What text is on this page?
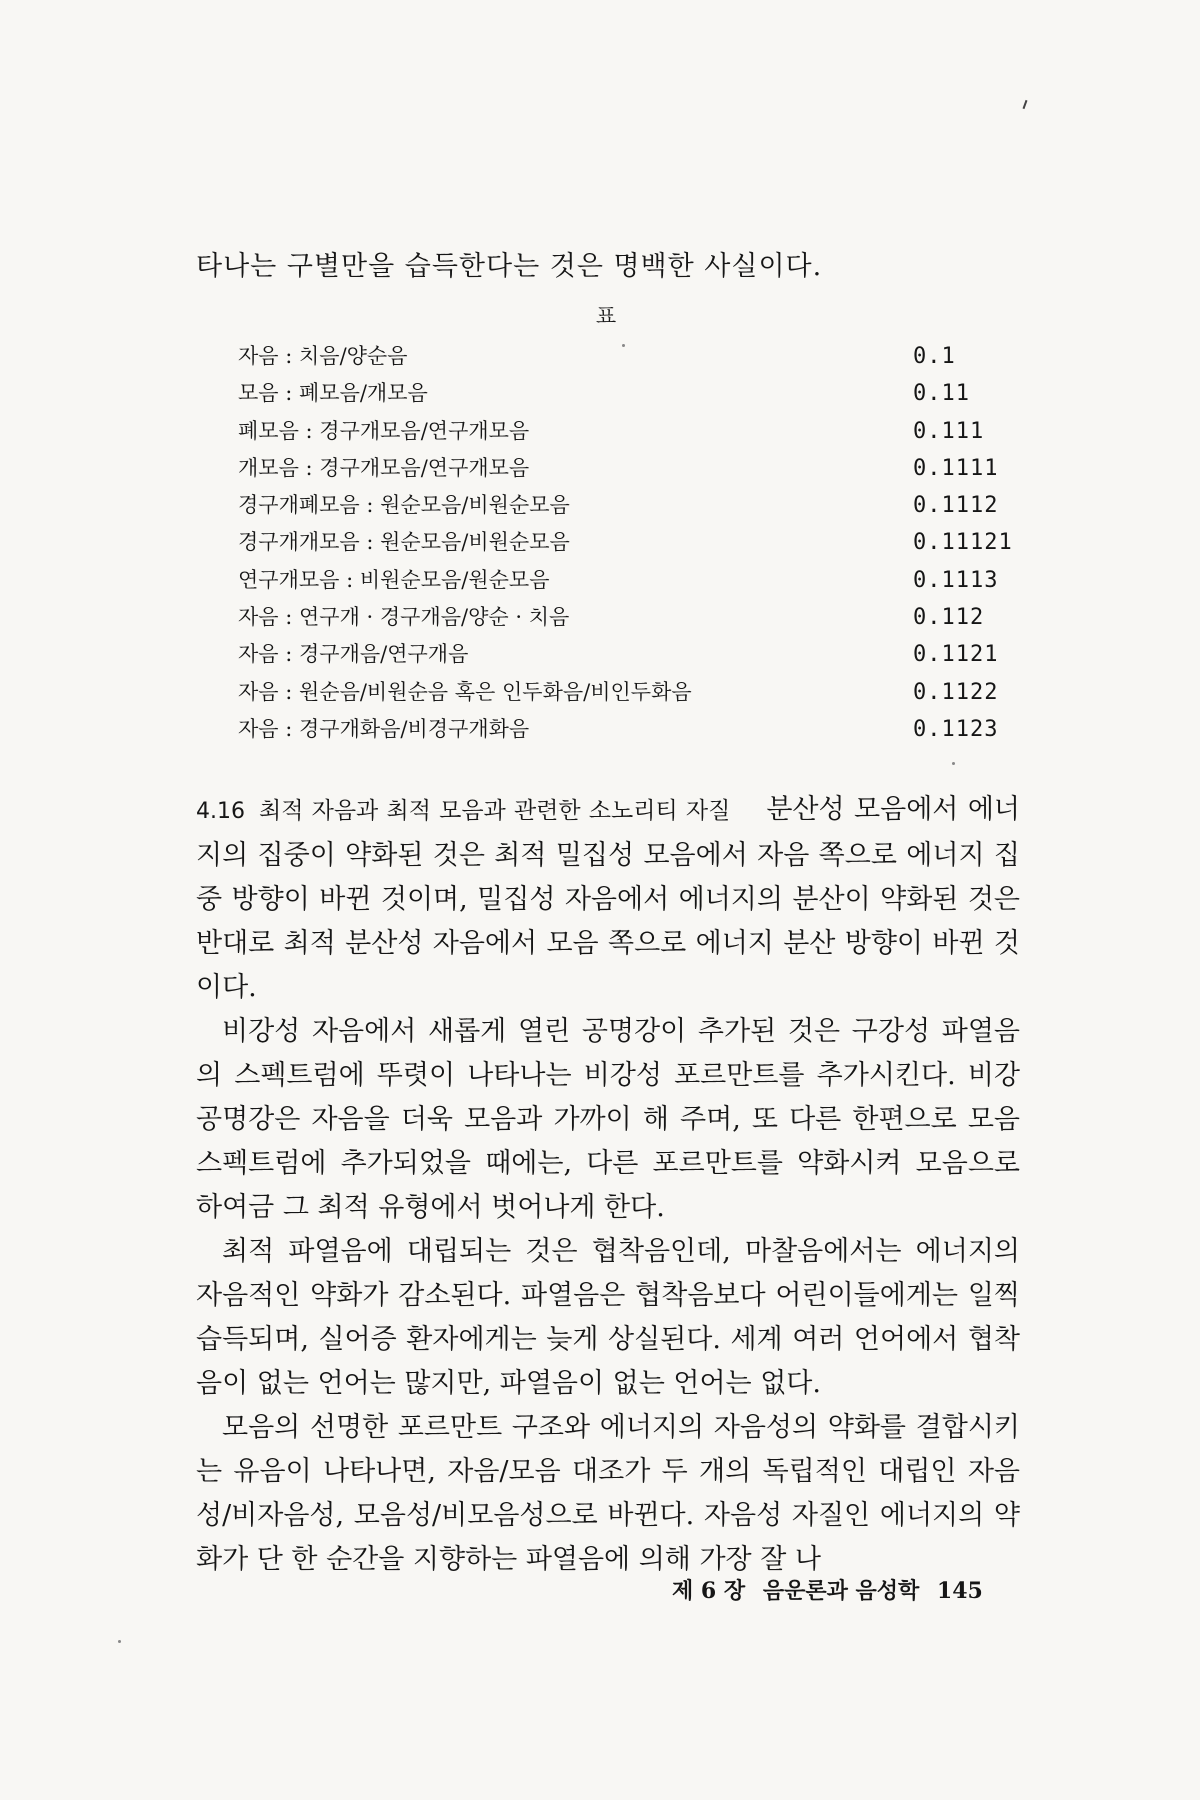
타나는 구별만을 습득한다는 것은 명백한 사실이다.
표
자음 : 치음/양순음	0.1
모음 : 폐모음/개모음	0.11
폐모음 : 경구개모음/연구개모음	0.111
개모음 : 경구개모음/연구개모음	0.1111
경구개폐모음 : 원순모음/비원순모음	0.1112
경구개개모음 : 원순모음/비원순모음	0.11121
연구개모음 : 비원순모음/원순모음	0.1113
자음 : 연구개 · 경구개음/양순 · 치음	0.112
자음 : 경구개음/연구개음	0.1121
자음 : 원순음/비원순음 혹은 인두화음/비인두화음	0.1122
자음 : 경구개화음/비경구개화음	0.1123

4.16 최적 자음과 최적 모음과 관련한 소노리티 자질 분산성 모음에서 에너지의 집중이 약화된 것은 최적 밀집성 모음에서 자음 쪽으로 에너지 집중 방향이 바뀐 것이며, 밀집성 자음에서 에너지의 분산이 약화된 것은 반대로 최적 분산성 자음에서 모음 쪽으로 에너지 분산 방향이 바뀐 것이다.

비강성 자음에서 새롭게 열린 공명강이 추가된 것은 구강성 파열음의 스펙트럼에 뚜렷이 나타나는 비강성 포르만트를 추가시킨다. 비강 공명강은 자음을 더욱 모음과 가까이 해 주며, 또 다른 한편으로 모음 스펙트럼에 추가되었을 때에는, 다른 포르만트를 약화시켜 모음으로 하여금 그 최적 유형에서 벗어나게 한다.

최적 파열음에 대립되는 것은 협착음인데, 마찰음에서는 에너지의 자음적인 약화가 감소된다. 파열음은 협착음보다 어린이들에게는 일찍 습득되며, 실어증 환자에게는 늦게 상실된다. 세계 여러 언어에서 협착음이 없는 언어는 많지만, 파열음이 없는 언어는 없다.

모음의 선명한 포르만트 구조와 에너지의 자음성의 약화를 결합시키는 유음이 나타나면, 자음/모음 대조가 두 개의 독립적인 대립인 자음성/비자음성, 모음성/비모음성으로 바뀐다. 자음성 자질인 에너지의 약화가 단 한 순간을 지향하는 파열음에 의해 가장 잘 나

제 6 장 음운론과 음성학 145
